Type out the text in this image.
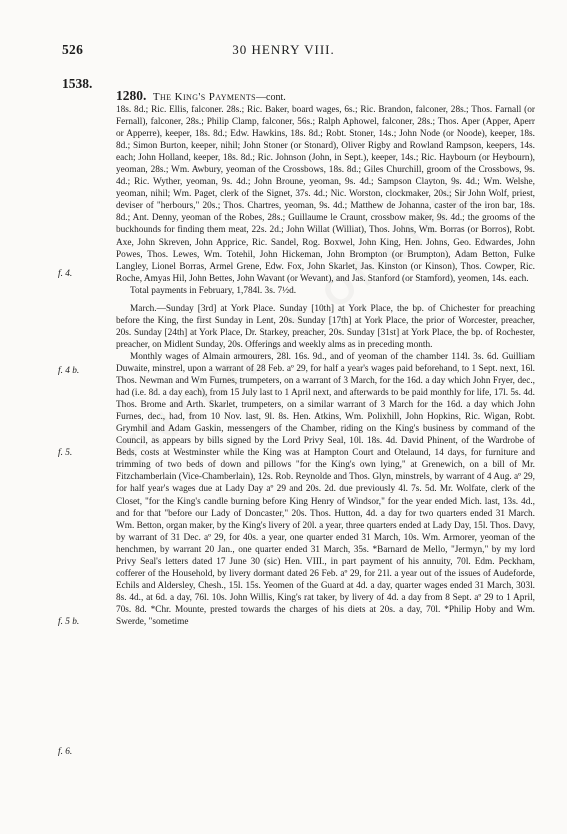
526	30 HENRY VIII.
1538.
1280. The King's Payments—cont.
f. 4.
f. 4 b.
f. 5.
f. 5 b.
f. 6.

18s. 8d.; Ric. Ellis, falconer. 28s.; Ric. Baker, board wages, 6s.; Ric. Brandon, falconer, 28s.; Thos. Farnall (or Fernall), falconer, 28s.; Philip Clamp, falconer, 56s.; Ralph Aphowel, falconer, 28s.; Thos. Aper (Apper, Aperr or Apperre), keeper, 18s. 8d.; Edw. Hawkins, 18s. 8d.; Robt. Stoner, 14s.; John Node (or Noode), keeper, 18s. 8d.; Simon Burton, keeper, nihil; John Stoner (or Stonard), Oliver Rigby and Rowland Rampson, keepers, 14s. each; John Holland, keeper, 18s. 8d.; Ric. Johnson (John, in Sept.), keeper, 14s.; Ric. Haybourn (or Heybourn), yeoman, 28s.; Wm. Awbury, yeoman of the Crossbows, 18s. 8d.; Giles Churchill, groom of the Crossbows, 9s. 4d.; Ric. Wyther, yeoman, 9s. 4d.; John Broune, yeoman, 9s. 4d.; Sampson Clayton, 9s. 4d.; Wm. Welshe, yeoman, nihil; Wm. Paget, clerk of the Signet, 37s. 4d.; Nic. Worston, clockmaker, 20s.; Sir John Wolf, priest, deviser of "herbours," 20s.; Thos. Chartres, yeoman, 9s. 4d.; Matthew de Johanna, caster of the iron bar, 18s. 8d.; Ant. Denny, yeoman of the Robes, 28s.; Guillaume le Craunt, crossbow maker, 9s. 4d.; the grooms of the buckhounds for finding them meat, 22s. 2d.; John Willat (Williat), Thos. Johns, Wm. Borras (or Borros), Robt. Axe, John Skreven, John Apprice, Ric. Sandel, Rog. Boxwel, John King, Hen. Johns, Geo. Edwardes, John Powes, Thos. Lewes, Wm. Totehil, John Hickeman, John Brompton (or Brumpton), Adam Betton, Fulke Langley, Lionel Borras, Armel Grene, Edw. Fox, John Skarlet, Jas. Kinston (or Kinson), Thos. Cowper, Ric. Roche, Amyas Hil, John Bettes, John Wavant (or Wevant), and Jas. Stanford (or Stamford), yeomen, 14s. each.

Total payments in February, 1,784l. 3s. 7½d.

March.—Sunday [3rd] at York Place. Sunday [10th] at York Place, the bp. of Chichester for preaching before the King, the first Sunday in Lent, 20s. Sunday [17th] at York Place, the prior of Worcester, preacher, 20s. Sunday [24th] at York Place, Dr. Starkey, preacher, 20s. Sunday [31st] at York Place, the bp. of Rochester, preacher, on Midlent Sunday, 20s. Offerings and weekly alms as in preceding month.

Monthly wages of Almain armourers, 28l. 16s. 9d., and of yeoman of the chamber 114l. 3s. 6d. Guilliam Duwaite, minstrel, upon a warrant of 28 Feb. aº 29, for half a year's wages paid beforehand, to 1 Sept. next, 16l. Thos. Newman and Wm Furnes, trumpeters, on a warrant of 3 March, for the 16d. a day which John Fryer, dec., had (i.e. 8d. a day each), from 15 July last to 1 April next, and afterwards to be paid monthly for life, 17l. 5s. 4d. Thos. Brome and Arth. Skarlet, trumpeters, on a similar warrant of 3 March for the 16d. a day which John Furnes, dec., had, from 10 Nov. last, 9l. 8s. Hen. Atkins, Wm. Polixhill, John Hopkins, Ric. Wigan, Robt. Grymhil and Adam Gaskin, messengers of the Chamber, riding on the King's business by command of the Council, as appears by bills signed by the Lord Privy Seal, 10l. 18s. 4d. David Phinent, of the Wardrobe of Beds, costs at Westminster while the King was at Hampton Court and Otelaund, 14 days, for furniture and trimming of two beds of down and pillows "for the King's own lying," at Grenewich, on a bill of Mr. Fitzchamberlain (Vice-Chamberlain), 12s. Rob. Reynolde and Thos. Glyn, minstrels, by warrant of 4 Aug. aº 29, for half year's wages due at Lady Day aº 29 and 20s. 2d. due previously 4l. 7s. 5d. Mr. Wolfate, clerk of the Closet, "for the King's candle burning before King Henry of Windsor," for the year ended Mich. last, 13s. 4d., and for that "before our Lady of Doncaster," 20s. Thos. Hutton, 4d. a day for two quarters ended 31 March. Wm. Betton, organ maker, by the King's livery of 20l. a year, three quarters ended at Lady Day, 15l. Thos. Davy, by warrant of 31 Dec. aº 29, for 40s. a year, one quarter ended 31 March, 10s. Wm. Armorer, yeoman of the henchmen, by warrant 20 Jan., one quarter ended 31 March, 35s. *Barnard de Mello, "Jermyn," by my lord Privy Seal's letters dated 17 June 30 (sic) Hen. VIII., in part payment of his annuity, 70l. Edm. Peckham, cofferer of the Household, by livery dormant dated 26 Feb. aº 29, for 21l. a year out of the issues of Audeforde, Echils and Aldersley, Chesh., 15l. 15s. Yeomen of the Guard at 4d. a day, quarter wages ended 31 March, 303l. 8s. 4d., at 6d. a day, 76l. 10s. John Willis, King's rat taker, by livery of 4d. a day from 8 Sept. aº 29 to 1 April, 70s. 8d. *Chr. Mounte, prested towards the charges of his diets at 20s. a day, 70l. *Philip Hoby and Wm. Swerde, "sometime
